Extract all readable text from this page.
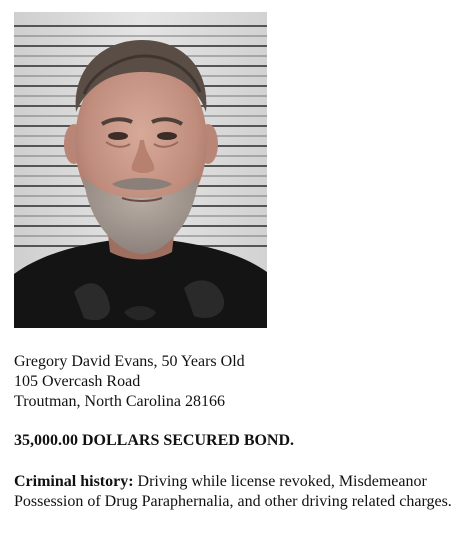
Gregory David Evans, 50 Years Old
105 Overcash Road
Troutman, North Carolina 28166
35,000.00 DOLLARS SECURED BOND.
Criminal history: Driving while license revoked, Misdemeanor Possession of Drug Paraphernalia, and other driving related charges.
